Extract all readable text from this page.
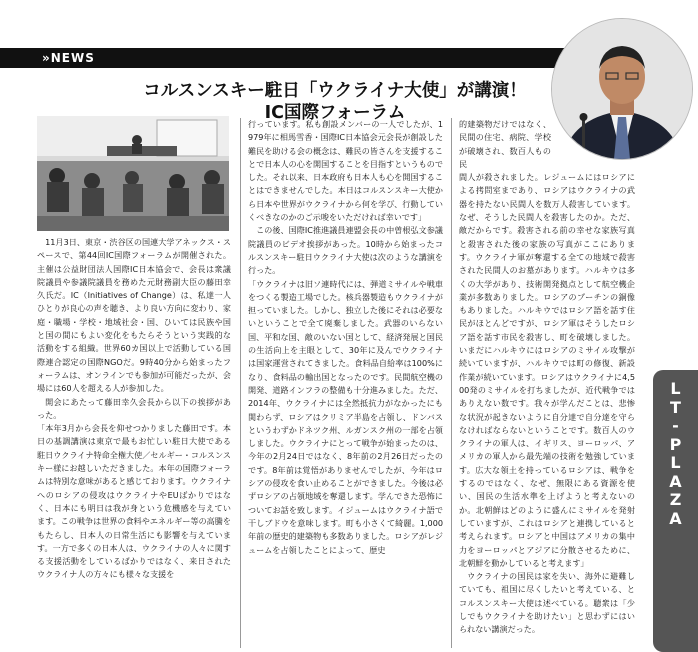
»NEWS
コルスンスキー駐日「ウクライナ大使」が講演！
IC国際フォーラム

11月3日、東京・渋谷区の国連大学アネックス・スペースで、第44回IC国際フォーラムが開催された。主催は公益財団法人国際IC日本協会で、会長は衆議院議員や参議院議員を務めた元財務副大臣の藤田幸久氏だ。IC（Initiatives of Change）は、私達一人ひとりが良心の声を聴き、より良い方向に変わり、家庭・職場・学校・地域社会・国、ひいては民族や国と国の間にもよい変化をもたらそうという実践的な活動をする組織。世界60カ国以上で活動している国際連合認定の国際NGOだ。9時40分から始まったフォーラムは、オンラインでも参加が可能だったが、会場には60人を超える人が参加した。

開会にあたって藤田幸久会長から以下の挨拶があった。

「本年3月から会長を仰せつかりました藤田です。本日の基調講演は東京で最もお忙しい駐日大使である駐日ウクライナ特命全権大使／セルギー・コルスンスキー様にお越しいただきました。本年の国際フォーラムは特別な意味があると感じております。ウクライナへのロシアの侵攻はウクライナやEUばかりではなく、日本にも明日は我が身という危機感を与えています。この戦争は世界の食料やエネルギー等の高騰をもたらし、日本人の日常生活にも影響を与えています。一方で多くの日本人は、ウクライナの人々に関する支援活動をしているばかりではなく、来日されたウクライナ人の方々にも様々な支援を

行っています。私も創設メンバーの一人でしたが、1979年に相馬雪香・国際IC日本協会元会長が創設した難民を助ける会の概念は、難民の皆さんを支援することで日本人の心を開国することを目指すというものでした。それ以来、日本政府も日本人も心を開国することはできませんでした。本日はコルスンスキー大使から日本や世界がウクライナから何を学び、行動していくべきなのかのご示唆をいただければ幸いです」

この後、国際IC推進議員連盟会長の中曽根弘文参議院議員のビデオ挨拶があった。10時から始まったコルスンスキー駐日ウクライナ大使は次のような講演を行った。

「ウクライナは旧ソ連時代には、弾道ミサイルや戦車をつくる製造工場でした。核兵器製造もウクライナが担っていました。しかし、独立した後にそれは必要ないということで全て廃棄しました。武器のいらない国、平和な国、敵のいない国として、経済発展と国民の生活向上を主眼として、30年に及んでウクライナは国家運営されてきました。食料品自給率は100%になり、食料品の輸出国となったのです。民間航空機の開発、道路インフラの整備も十分進みました。ただ、2014年、ウクライナには全然抵抗力がなかったにも関わらず、ロシアはクリミア半島を占領し、ドンバスというわずかドネツク州、ルガンスク州の一部を占領しました。ウクライナにとって戦争が始まったのは、今年の2月24日ではなく、8年前の2月26日だったのです。8年前は覚悟がありませんでしたが、今年はロシアの侵攻を食い止めることができました。今後は必ずロシアの占領地域を奪還します。学んできた恐怖についてお話を致します。イジュームはウクライナ語で干しブドウを意味します。町も小さくて綺麗。1,000年前の歴史的建築物も多数ありました。ロシアがレジュームを占領したことによって、歴史

的建築物だけではなく、民間の住宅、病院、学校が破壊され、数百人もの民

間人が殺されました。レジュームにはロシアによる拷問室まであり、ロシアはウクライナの武器を持たない民間人を数万人殺害しています。なぜ、そうした民間人を殺害したのか。ただ、敵だからです。殺害される前の幸せな家族写真と殺害された後の家族の写真がここにあります。ウクライナ軍が奪還する全ての地域で殺害された民間人のお墓があります。ハルキウは多くの大学があり、技術開発拠点として航空機企業が多数ありました。ロシアのプーチンの銅像もありました。ハルキウではロシア語を話す住民がほとんどですが、ロシア軍はそうしたロシア語を話す市民を殺害し、町を破壊しました。いまだにハルキウにはロシアのミサイル攻撃が続いていますが、ハルキウでは町の修復、新設作業が続いています。ロシアはウクライナに4,500発のミサイルを打ちましたが、近代戦争ではありえない数です。我々が学んだことは、悲惨な状況が起きないように自分達で自分達を守らなければならないということです。数百人のウクライナの軍人は、イギリス、ヨーロッパ、アメリカの軍人から最先端の技術を勉強しています。広大な領土を持っているロシアは、戦争をするのではなく、なぜ、無限にある資源を使い、国民の生活水準を上げようと考えないのか。北朝鮮はどのように盛んにミサイルを発射していますが、これはロシアと連携していると考えられます。ロシアと中国はアメリカの集中力をヨーロッパとアジアに分散させるために、北朝鮮を動かしていると考えます」

ウクライナの国民は家を失い、海外に避難していても、祖国に尽くしたいと考えている、とコルスンスキー大使は述べている。聴衆は「少しでもウクライナを助けたい」と思わずにはいられない講演だった。

L
T
-
P
L
A
Z
A
